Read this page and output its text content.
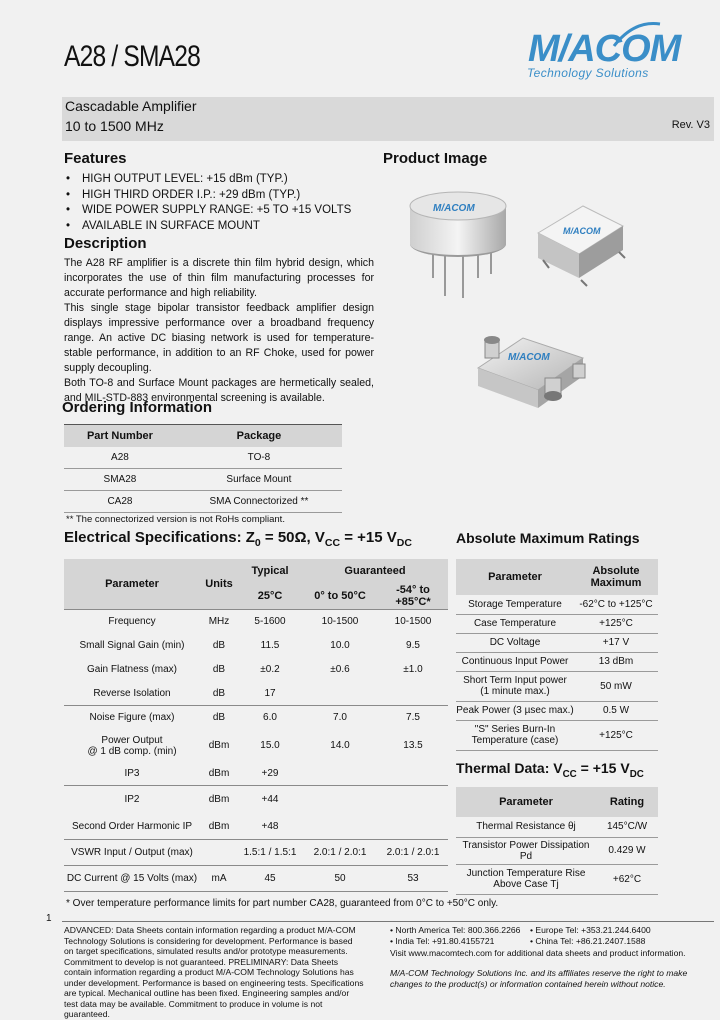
A28 / SMA28	M/ACOM
Technology Solutions
Cascadable Amplifier
10 to 1500 MHz	Rev. V3
Features
• HIGH OUTPUT LEVEL: +15 dBm (TYP.)
• HIGH THIRD ORDER I.P.: +29 dBm (TYP.)
• WIDE POWER SUPPLY RANGE: +5 TO +15 VOLTS
• AVAILABLE IN SURFACE MOUNT
Description

The A28 RF amplifier is a discrete thin film hybrid design, which incorporates the use of thin film manufacturing processes for accurate performance and high reliability.

This single stage bipolar transistor feedback amplifier design displays impressive performance over a broadband frequency range. An active DC biasing network is used for temperature-stable performance, in addition to an RF Choke, used for power supply decoupling.

Both TO-8 and Surface Mount packages are hermetically sealed, and MIL-STD-883 environmental screening is available.

Product Image
M/ACOM
M/ACOM
M/ACOM
Ordering Information
Part Number	Package
A28	TO-8
SMA28	Surface Mount
CA28	SMA Connectorized **
** The connectorized version is not RoHs compliant.
Electrical Specifications: $Z_0 = 50\Omega$, $V_{CC} = +15$ $V_{DC}$
Parameter	Units	Typical	Guaranteed	
		25°C	0° to 50°C	-54° to +85°C*
Frequency	MHz	5-1600	10-1500	10-1500
Small Signal Gain (min)	dB	11.5	10.0	9.5
Gain Flatness (max)	dB	±0.2	±0.6	±1.0
Reverse Isolation	dB	17		
Noise Figure (max)	dB	6.0	7.0	7.5
Power Output
@ 1 dB comp. (min)	dBm	15.0	14.0	13.5
IP3	dBm	+29		
IP2	dBm	+44		
Second Order Harmonic IP	dBm	+48		
VSWR Input / Output (max)		1.5:1 / 1.5:1	2.0:1 / 2.0:1	2.0:1 / 2.0:1
DC Current @ 15 Volts (max)	mA	45	50	53
* Over temperature performance limits for part number CA28, guaranteed from 0°C to +50°C only.
Absolute Maximum Ratings
Parameter	Absolute
Maximum
Storage Temperature	-62°C to +125°C
Case Temperature	+125°C
DC Voltage	+17 V
Continuous Input Power	13 dBm
Short Term Input power
(1 minute max.)	50 mW
Peak Power (3 µsec max.)	0.5 W
"S" Series Burn-In
Temperature (case)	+125°C
Thermal Data: $V_{CC} = +15$ $V_{DC}$
Parameter	Rating
Thermal Resistance θj	145°C/W
Transistor Power Dissipation Pd	0.429 W
Junction Temperature Rise
Above Case Tj	+62°C
1
ADVANCED: Data Sheets contain information regarding a product M/A-COM Technology Solutions is considering for development. Performance is based on target specifications, simulated results and/or prototype measurements. Commitment to develop is not guaranteed. PRELIMINARY: Data Sheets contain information regarding a product M/A-COM Technology Solutions has under development. Performance is based on engineering tests. Specifications are typical. Mechanical outline has been fixed. Engineering samples and/or test data may be available. Commitment to produce in volume is not guaranteed.
• North America Tel: 800.366.2266	• Europe Tel: +353.21.244.6400
• India Tel: +91.80.4155721	• China Tel: +86.21.2407.1588
Visit www.macomtech.com for additional data sheets and product information.
M/A-COM Technology Solutions Inc. and its affiliates reserve the right to make changes to the product(s) or information contained herein without notice.
